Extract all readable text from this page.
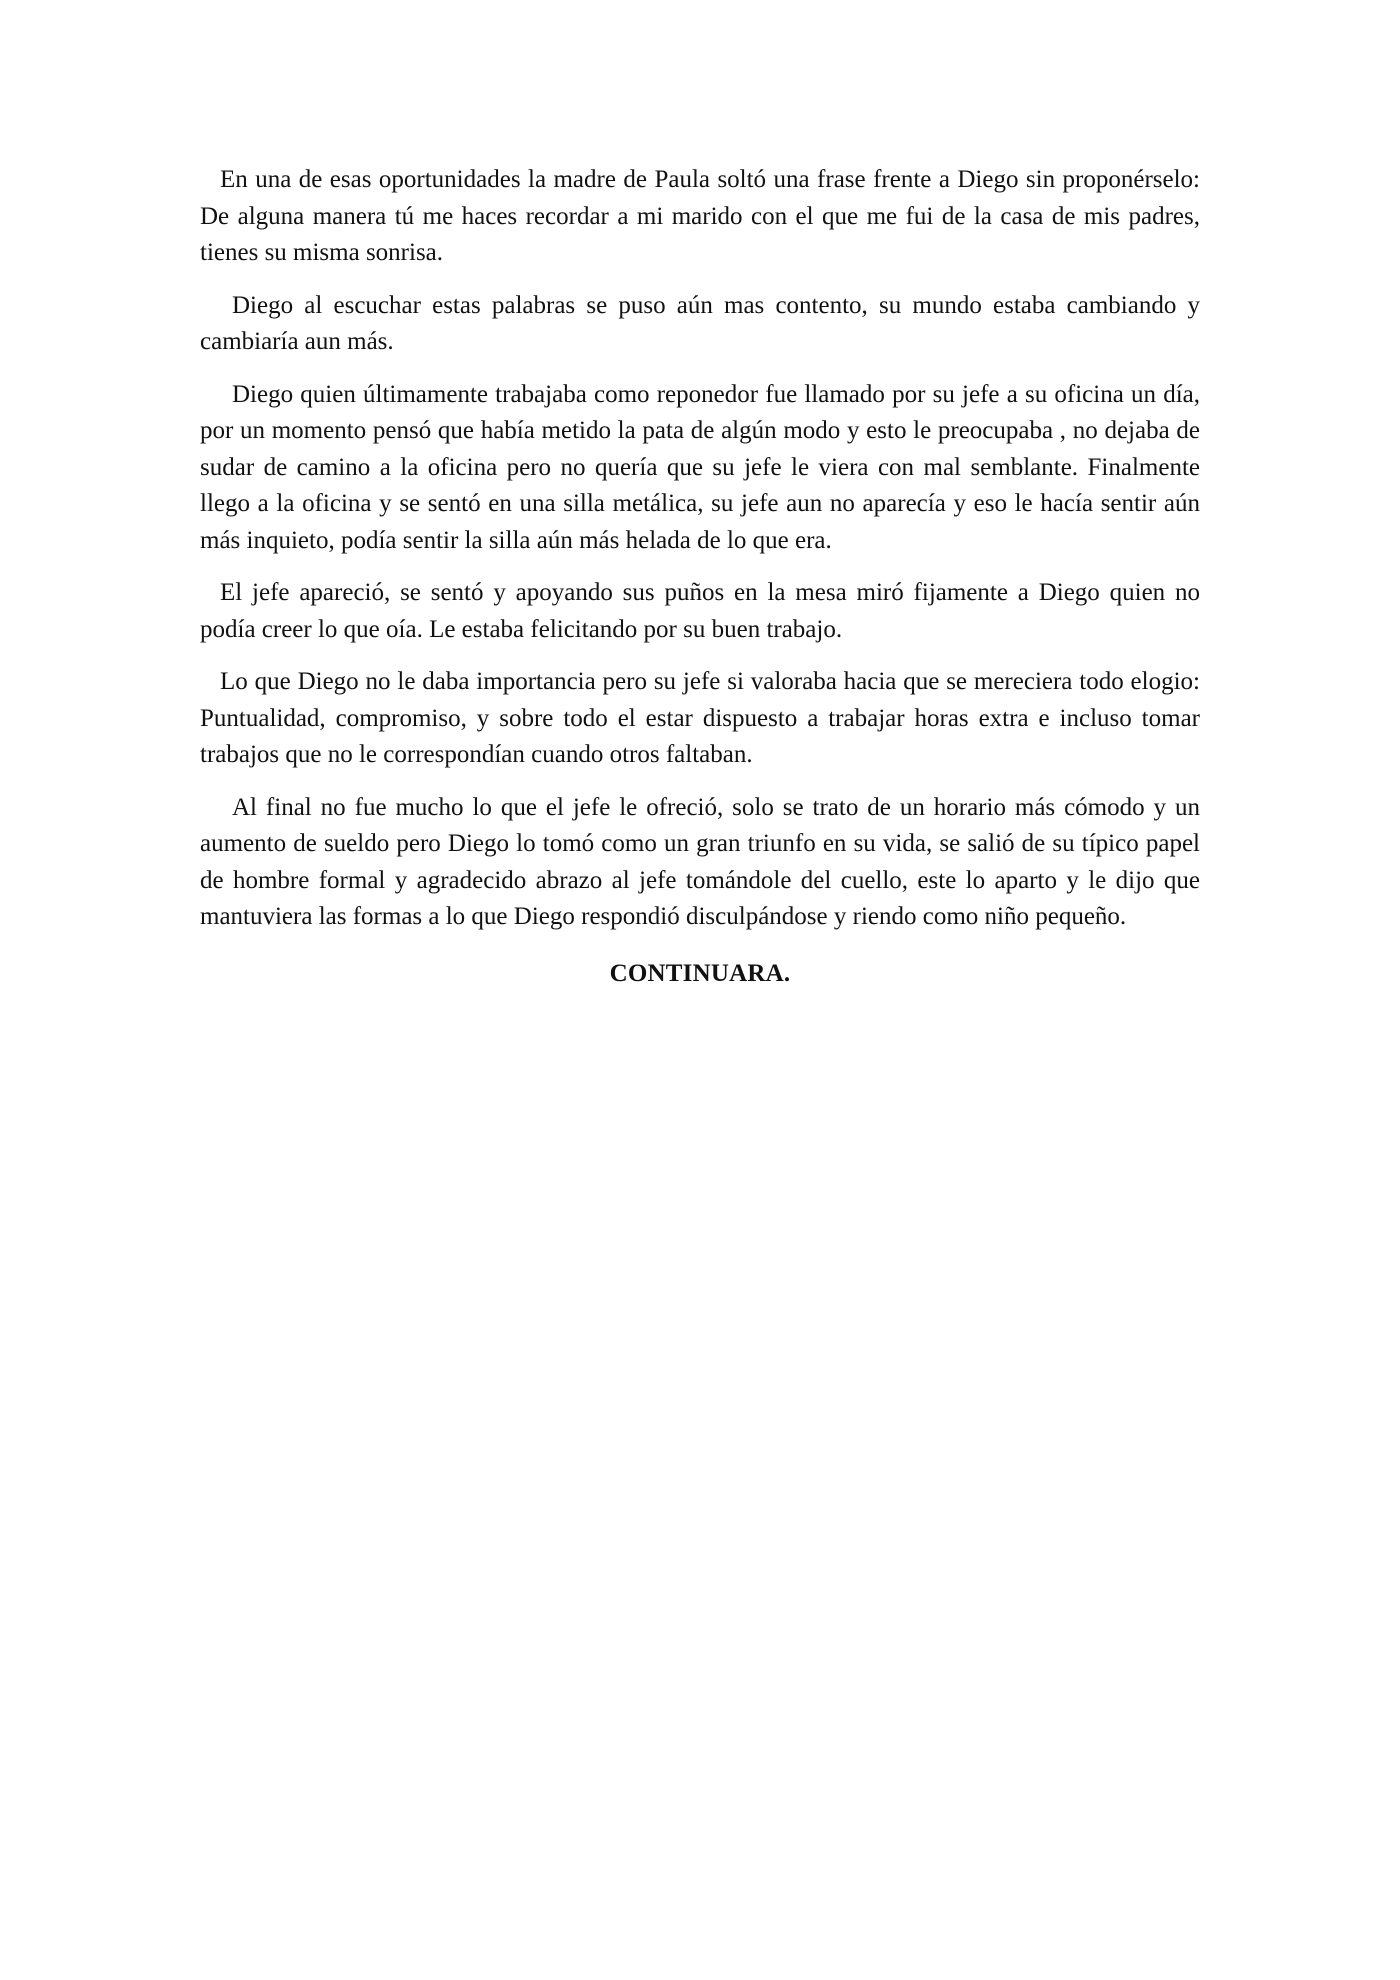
En una de esas oportunidades la madre de Paula soltó una frase frente a Diego sin proponérselo: De alguna manera tú me haces recordar a mi marido con el que me fui de la casa de mis padres, tienes su misma sonrisa.

Diego al escuchar estas palabras se puso aún mas contento, su mundo estaba cambiando y cambiaría aun más.

Diego quien últimamente trabajaba como reponedor fue llamado por su jefe a su oficina un día, por un momento pensó que había metido la pata de algún modo y esto le preocupaba , no dejaba de sudar de camino a la oficina pero no quería que su jefe le viera con mal semblante. Finalmente llego a la oficina y se sentó en una silla metálica, su jefe aun no aparecía y eso le hacía sentir aún más inquieto, podía sentir la silla aún más helada de lo que era.

El jefe apareció, se sentó y apoyando sus puños en la mesa miró fijamente a Diego quien no podía creer lo que oía. Le estaba felicitando por su buen trabajo.

Lo que Diego no le daba importancia pero su jefe si valoraba hacia que se mereciera todo elogio: Puntualidad, compromiso, y sobre todo el estar dispuesto a trabajar horas extra e incluso tomar trabajos que no le correspondían cuando otros faltaban.

Al final no fue mucho lo que el jefe le ofreció, solo se trato de un horario más cómodo y un aumento de sueldo pero Diego lo tomó como un gran triunfo en su vida, se salió de su típico papel de hombre formal y agradecido abrazo al jefe tomándole del cuello, este lo aparto y le dijo que mantuviera las formas a lo que Diego respondió disculpándose y riendo como niño pequeño.

CONTINUARA.
